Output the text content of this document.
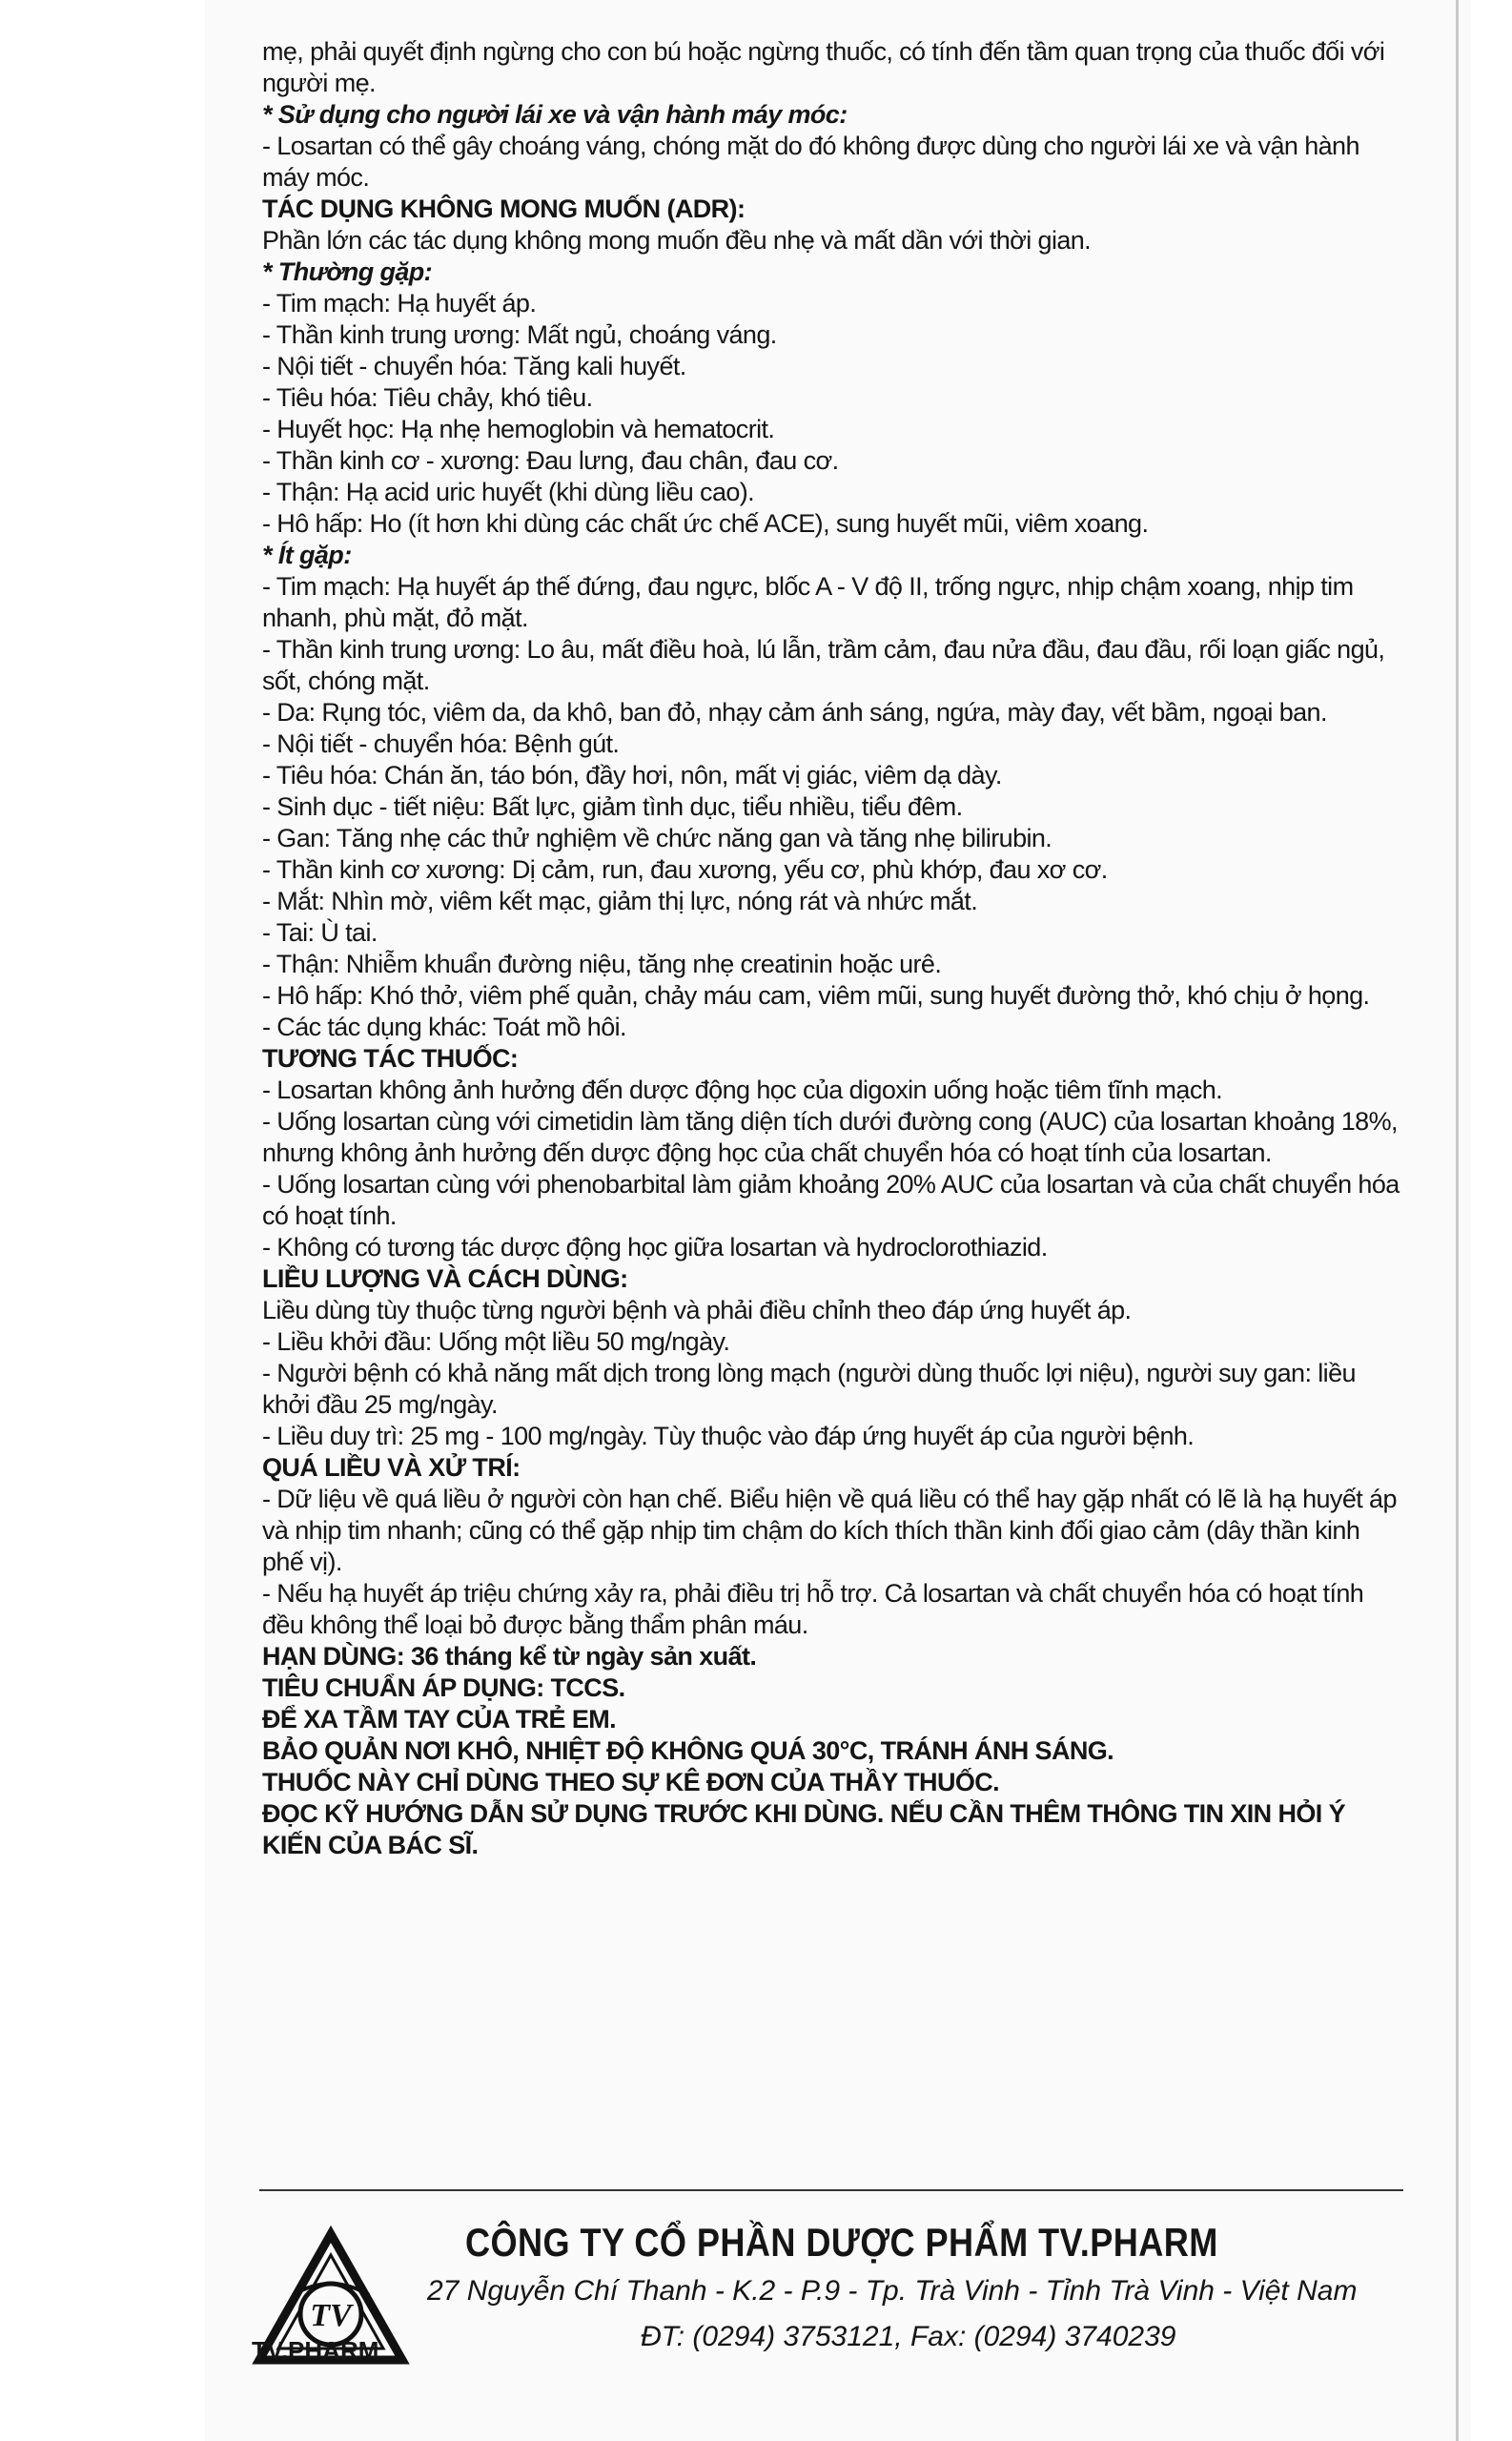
mẹ, phải quyết định ngừng cho con bú hoặc ngừng thuốc, có tính đến tầm quan trọng của thuốc đối với người mẹ.

* Sử dụng cho người lái xe và vận hành máy móc:

- Losartan có thể gây choáng váng, chóng mặt do đó không được dùng cho người lái xe và vận hành máy móc.

TÁC DỤNG KHÔNG MONG MUỐN (ADR):

Phần lớn các tác dụng không mong muốn đều nhẹ và mất dần với thời gian.

* Thường gặp:

- Tim mạch: Hạ huyết áp.

- Thần kinh trung ương: Mất ngủ, choáng váng.

- Nội tiết - chuyển hóa: Tăng kali huyết.

- Tiêu hóa: Tiêu chảy, khó tiêu.

- Huyết học: Hạ nhẹ hemoglobin và hematocrit.

- Thần kinh cơ - xương: Đau lưng, đau chân, đau cơ.

- Thận: Hạ acid uric huyết (khi dùng liều cao).

- Hô hấp: Ho (ít hơn khi dùng các chất ức chế ACE), sung huyết mũi, viêm xoang.

* Ít gặp:

- Tim mạch: Hạ huyết áp thế đứng, đau ngực, blốc A - V độ II, trống ngực, nhịp chậm xoang, nhịp tim nhanh, phù mặt, đỏ mặt.

- Thần kinh trung ương: Lo âu, mất điều hoà, lú lẫn, trầm cảm, đau nửa đầu, đau đầu, rối loạn giấc ngủ, sốt, chóng mặt.

- Da: Rụng tóc, viêm da, da khô, ban đỏ, nhạy cảm ánh sáng, ngứa, mày đay, vết bầm, ngoại ban.

- Nội tiết - chuyển hóa: Bệnh gút.

- Tiêu hóa: Chán ăn, táo bón, đầy hơi, nôn, mất vị giác, viêm dạ dày.

- Sinh dục - tiết niệu: Bất lực, giảm tình dục, tiểu nhiều, tiểu đêm.

- Gan: Tăng nhẹ các thử nghiệm về chức năng gan và tăng nhẹ bilirubin.

- Thần kinh cơ xương: Dị cảm, run, đau xương, yếu cơ, phù khớp, đau xơ cơ.

- Mắt: Nhìn mờ, viêm kết mạc, giảm thị lực, nóng rát và nhức mắt.

- Tai: Ù tai.

- Thận: Nhiễm khuẩn đường niệu, tăng nhẹ creatinin hoặc urê.

- Hô hấp: Khó thở, viêm phế quản, chảy máu cam, viêm mũi, sung huyết đường thở, khó chịu ở họng.

- Các tác dụng khác: Toát mồ hôi.

TƯƠNG TÁC THUỐC:

- Losartan không ảnh hưởng đến dược động học của digoxin uống hoặc tiêm tĩnh mạch.

- Uống losartan cùng với cimetidin làm tăng diện tích dưới đường cong (AUC) của losartan khoảng 18%, nhưng không ảnh hưởng đến dược động học của chất chuyển hóa có hoạt tính của losartan.

- Uống losartan cùng với phenobarbital làm giảm khoảng 20% AUC của losartan và của chất chuyển hóa có hoạt tính.

- Không có tương tác dược động học giữa losartan và hydroclorothiazid.

LIỀU LƯỢNG VÀ CÁCH DÙNG:

Liều dùng tùy thuộc từng người bệnh và phải điều chỉnh theo đáp ứng huyết áp.

- Liều khởi đầu: Uống một liều 50 mg/ngày.

- Người bệnh có khả năng mất dịch trong lòng mạch (người dùng thuốc lợi niệu), người suy gan: liều khởi đầu 25 mg/ngày.

- Liều duy trì: 25 mg - 100 mg/ngày. Tùy thuộc vào đáp ứng huyết áp của người bệnh.

QUÁ LIỀU VÀ XỬ TRÍ:

- Dữ liệu về quá liều ở người còn hạn chế. Biểu hiện về quá liều có thể hay gặp nhất có lẽ là hạ huyết áp và nhịp tim nhanh; cũng có thể gặp nhịp tim chậm do kích thích thần kinh đối giao cảm (dây thần kinh phế vị).

- Nếu hạ huyết áp triệu chứng xảy ra, phải điều trị hỗ trợ. Cả losartan và chất chuyển hóa có hoạt tính đều không thể loại bỏ được bằng thẩm phân máu.

HẠN DÙNG: 36 tháng kể từ ngày sản xuất.

TIÊU CHUẨN ÁP DỤNG: TCCS.

ĐỂ XA TẦM TAY CỦA TRẺ EM.

BẢO QUẢN NƠI KHÔ, NHIỆT ĐỘ KHÔNG QUÁ 30°C, TRÁNH ÁNH SÁNG.

THUỐC NÀY CHỈ DÙNG THEO SỰ KÊ ĐƠN CỦA THẦY THUỐC.

ĐỌC KỸ HƯỚNG DẪN SỬ DỤNG TRƯỚC KHI DÙNG. NẾU CẦN THÊM THÔNG TIN XIN HỎI Ý KIẾN CỦA BÁC SĨ.

TV
TV.PHARM
CÔNG TY CỔ PHẦN DƯỢC PHẨM TV.PHARM
27 Nguyễn Chí Thanh - K.2 - P.9 - Tp. Trà Vinh - Tỉnh Trà Vinh - Việt Nam
ĐT: (0294) 3753121, Fax: (0294) 3740239
